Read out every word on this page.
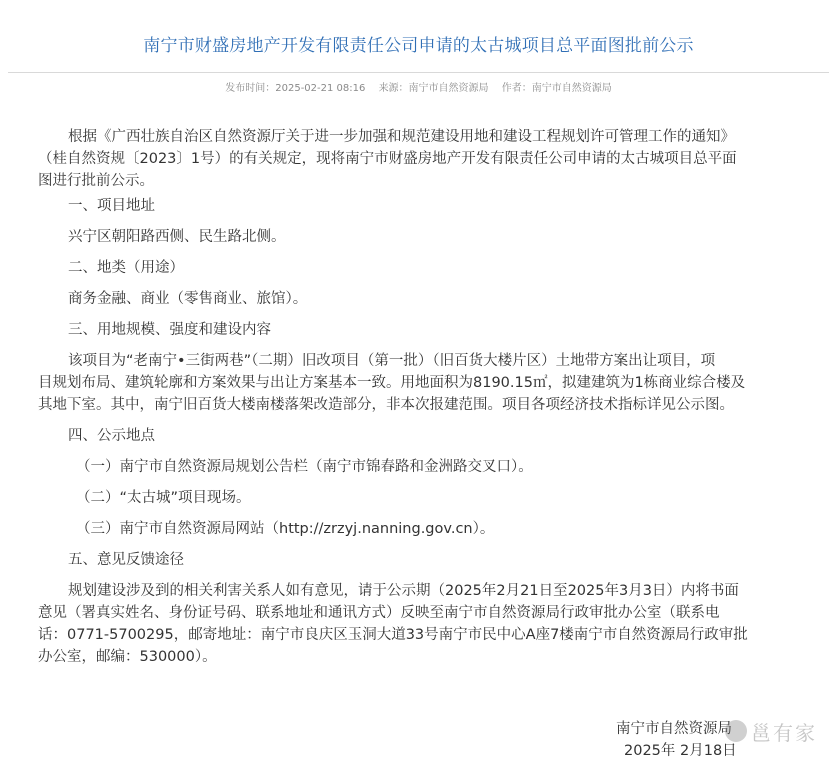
南宁市财盛房地产开发有限责任公司申请的太古城项目总平面图批前公示
发布时间：2025-02-21 08:16 来源：南宁市自然资源局 作者：南宁市自然资源局

根据《广西壮族自治区自然资源厅关于进一步加强和规范建设用地和建设工程规划许可管理工作的通知》

（桂自然资规〔2023〕1号）的有关规定，现将南宁市财盛房地产开发有限责任公司申请的太古城项目总平面

图进行批前公示。

一、项目地址

兴宁区朝阳路西侧、民生路北侧。

二、地类（用途）

商务金融、商业（零售商业、旅馆）。

三、用地规模、强度和建设内容

该项目为“老南宁•三街两巷”（二期）旧改项目（第一批）（旧百货大楼片区）土地带方案出让项目，项

目规划布局、建筑轮廓和方案效果与出让方案基本一致。用地面积为8190.15㎡，拟建建筑为1栋商业综合楼及

其地下室。其中，南宁旧百货大楼南楼落架改造部分，非本次报建范围。项目各项经济技术指标详见公示图。

四、公示地点

（一）南宁市自然资源局规划公告栏（南宁市锦春路和金洲路交叉口）。

（二）“太古城”项目现场。

（三）南宁市自然资源局网站（http://zrzyj.nanning.gov.cn）。

五、意见反馈途径

规划建设涉及到的相关利害关系人如有意见，请于公示期（2025年2月21日至2025年3月3日）内将书面

意见（署真实姓名、身份证号码、联系地址和通讯方式）反映至南宁市自然资源局行政审批办公室（联系电

话：0771-5700295，邮寄地址：南宁市良庆区玉洞大道33号南宁市民中心A座7楼南宁市自然资源局行政审批

办公室，邮编：530000）。

南宁市自然资源局
2025年 2月18日
邕有家
